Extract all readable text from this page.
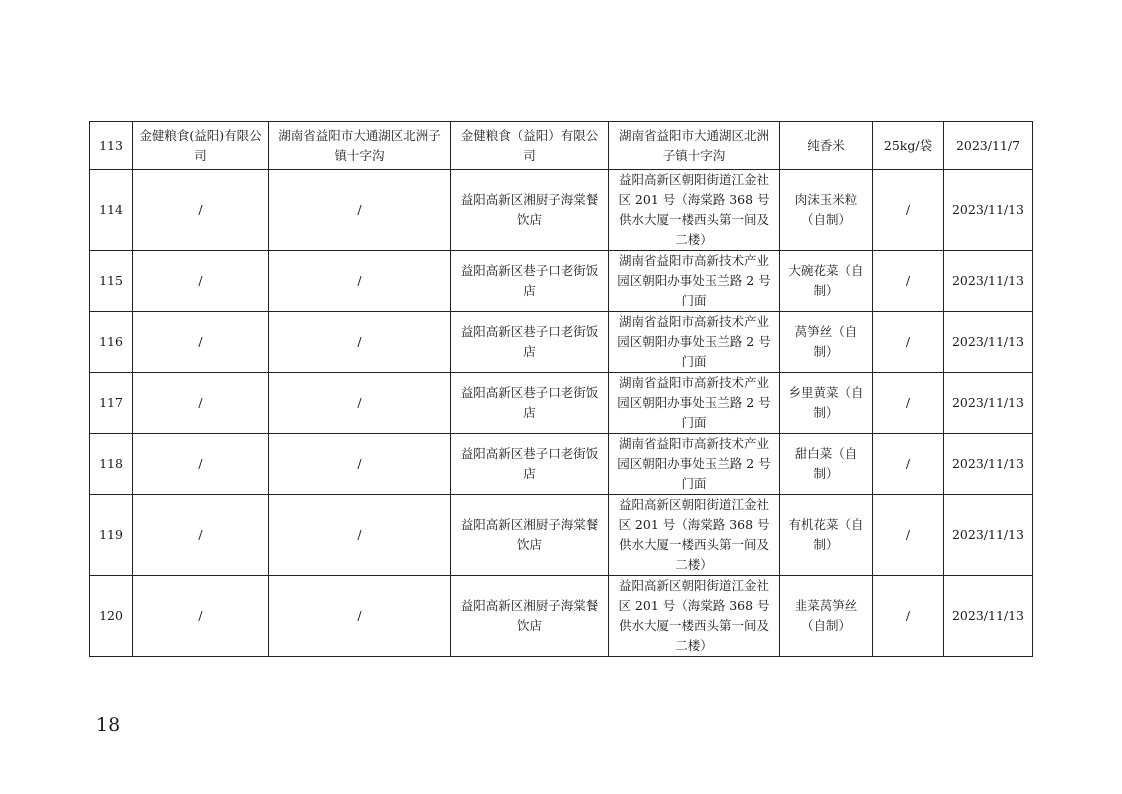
113	金健粮食(益阳)有限公司	湖南省益阳市大通湖区北洲子镇十字沟	金健粮食（益阳）有限公司	湖南省益阳市大通湖区北洲子镇十字沟	纯香米	25kg/袋	2023/11/7
114	/	/	益阳高新区湘厨子海棠餐饮店	益阳高新区朝阳街道江金社区 201 号（海棠路 368 号供水大厦一楼西头第一间及二楼）	肉沫玉米粒（自制）	/	2023/11/13
115	/	/	益阳高新区巷子口老街饭店	湖南省益阳市高新技术产业园区朝阳办事处玉兰路 2 号门面	大碗花菜（自制）	/	2023/11/13
116	/	/	益阳高新区巷子口老街饭店	湖南省益阳市高新技术产业园区朝阳办事处玉兰路 2 号门面	莴笋丝（自制）	/	2023/11/13
117	/	/	益阳高新区巷子口老街饭店	湖南省益阳市高新技术产业园区朝阳办事处玉兰路 2 号门面	乡里黄菜（自制）	/	2023/11/13
118	/	/	益阳高新区巷子口老街饭店	湖南省益阳市高新技术产业园区朝阳办事处玉兰路 2 号门面	甜白菜（自制）	/	2023/11/13
119	/	/	益阳高新区湘厨子海棠餐饮店	益阳高新区朝阳街道江金社区 201 号（海棠路 368 号供水大厦一楼西头第一间及二楼）	有机花菜（自制）	/	2023/11/13
120	/	/	益阳高新区湘厨子海棠餐饮店	益阳高新区朝阳街道江金社区 201 号（海棠路 368 号供水大厦一楼西头第一间及二楼）	韭菜莴笋丝（自制）	/	2023/11/13
18
